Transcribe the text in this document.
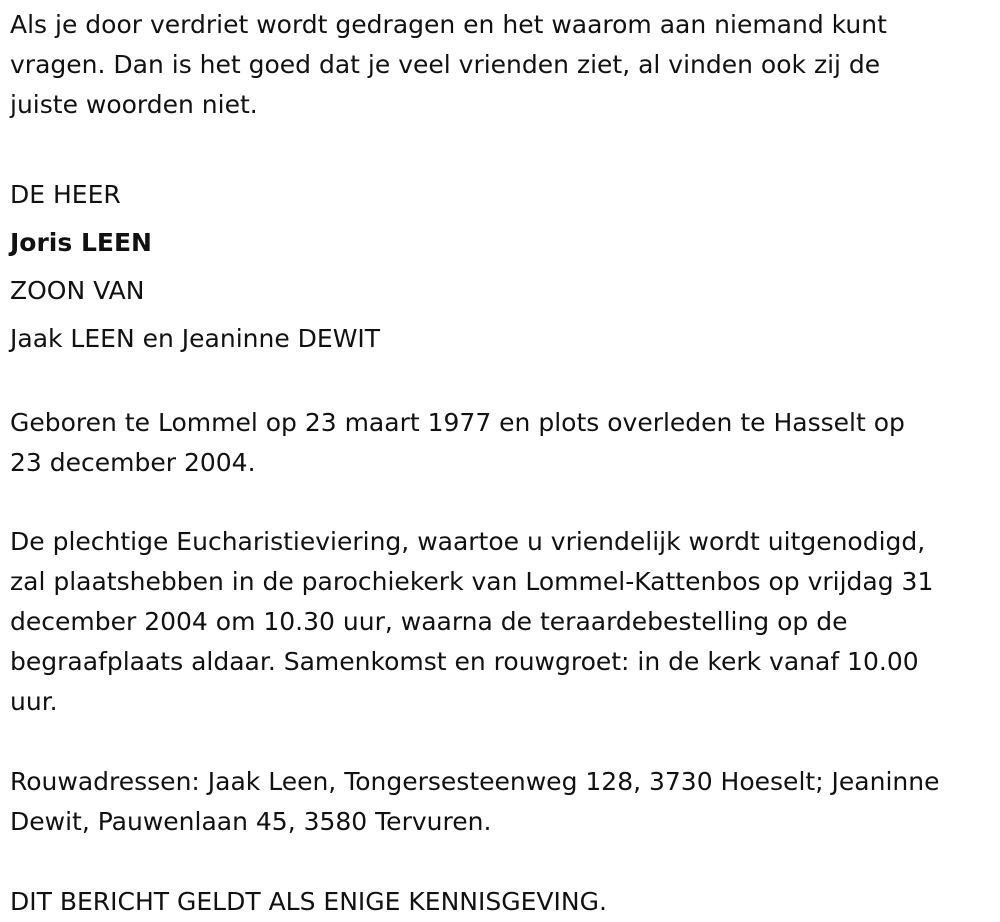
Als je door verdriet wordt gedragen en het waarom aan niemand kunt
vragen. Dan is het goed dat je veel vrienden ziet, al vinden ook zij de
juiste woorden niet.
DE HEER
Joris LEEN
ZOON VAN
Jaak LEEN en Jeaninne DEWIT
Geboren te Lommel op 23 maart 1977 en plots overleden te Hasselt op
23 december 2004.
De plechtige Eucharistieviering, waartoe u vriendelijk wordt uitgenodigd,
zal plaatshebben in de parochiekerk van Lommel-Kattenbos op vrijdag 31
december 2004 om 10.30 uur, waarna de teraardebestelling op de
begraafplaats aldaar. Samenkomst en rouwgroet: in de kerk vanaf 10.00
uur.
Rouwadressen: Jaak Leen, Tongersesteenweg 128, 3730 Hoeselt; Jeaninne
Dewit, Pauwenlaan 45, 3580 Tervuren.
DIT BERICHT GELDT ALS ENIGE KENNISGEVING.
